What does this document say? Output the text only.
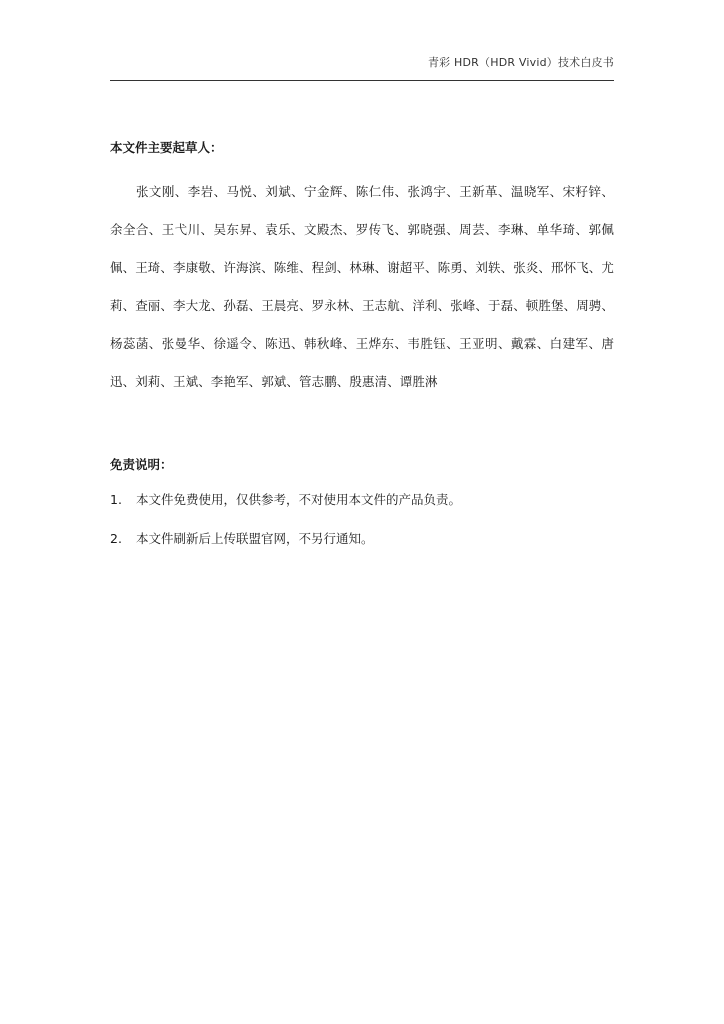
青彩 HDR（HDR Vivid）技术白皮书
本文件主要起草人：

张文刚、李岩、马悦、刘斌、宁金辉、陈仁伟、张鸿宇、王新革、温晓军、宋籽锌、余全合、王弋川、吴东昇、袁乐、文殿杰、罗传飞、郭晓强、周芸、李琳、单华琦、郭佩佩、王琦、李康敬、许海滨、陈维、程剑、林琳、谢超平、陈勇、刘轶、张炎、邢怀飞、尤莉、查丽、李大龙、孙磊、王晨亮、罗永林、王志航、洋利、张峰、于磊、顿胜堡、周骋、杨蕊菡、张曼华、徐遥令、陈迅、韩秋峰、王烨东、韦胜钰、王亚明、戴霖、白建军、唐迅、刘莉、王斌、李艳军、郭斌、管志鹏、殷惠清、谭胜淋

免责说明：
1. 本文件免费使用，仅供参考，不对使用本文件的产品负责。
2. 本文件刷新后上传联盟官网，不另行通知。
